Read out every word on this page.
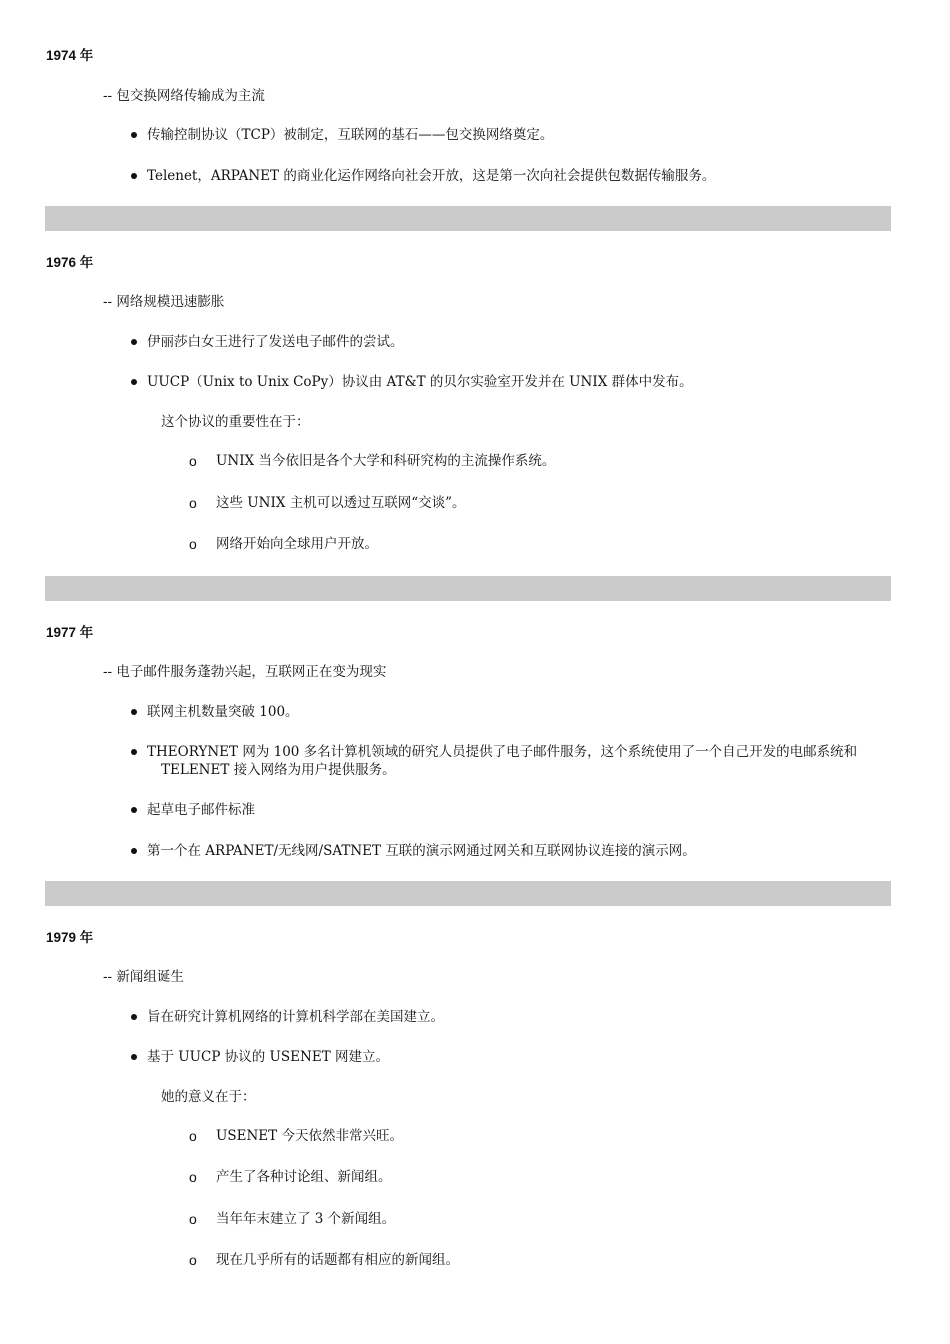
1974 年

-- 包交换网络传输成为主流

传输控制协议（TCP）被制定，互联网的基石——包交换网络奠定。

Telenet，ARPANET 的商业化运作网络向社会开放，这是第一次向社会提供包数据传输服务。

1976 年

-- 网络规模迅速膨胀

伊丽莎白女王进行了发送电子邮件的尝试。

UUCP（Unix to Unix CoPy）协议由 AT&T 的贝尔实验室开发并在 UNIX 群体中发布。

这个协议的重要性在于：

o UNIX 当今依旧是各个大学和科研究构的主流操作系统。

o 这些 UNIX 主机可以透过互联网“交谈”。

o 网络开始向全球用户开放。

1977 年

-- 电子邮件服务蓬勃兴起，互联网正在变为现实

联网主机数量突破 100。

THEORYNET 网为 100 多名计算机领域的研究人员提供了电子邮件服务，这个系统使用了一个自己开发的电邮系统和

TELENET 接入网络为用户提供服务。

起草电子邮件标准

第一个在 ARPANET/无线网/SATNET 互联的演示网通过网关和互联网协议连接的演示网。

1979 年

-- 新闻组诞生

旨在研究计算机网络的计算机科学部在美国建立。

基于 UUCP 协议的 USENET 网建立。

她的意义在于：

o USENET 今天依然非常兴旺。

o 产生了各种讨论组、新闻组。

o 当年年末建立了 3 个新闻组。

o 现在几乎所有的话题都有相应的新闻组。
